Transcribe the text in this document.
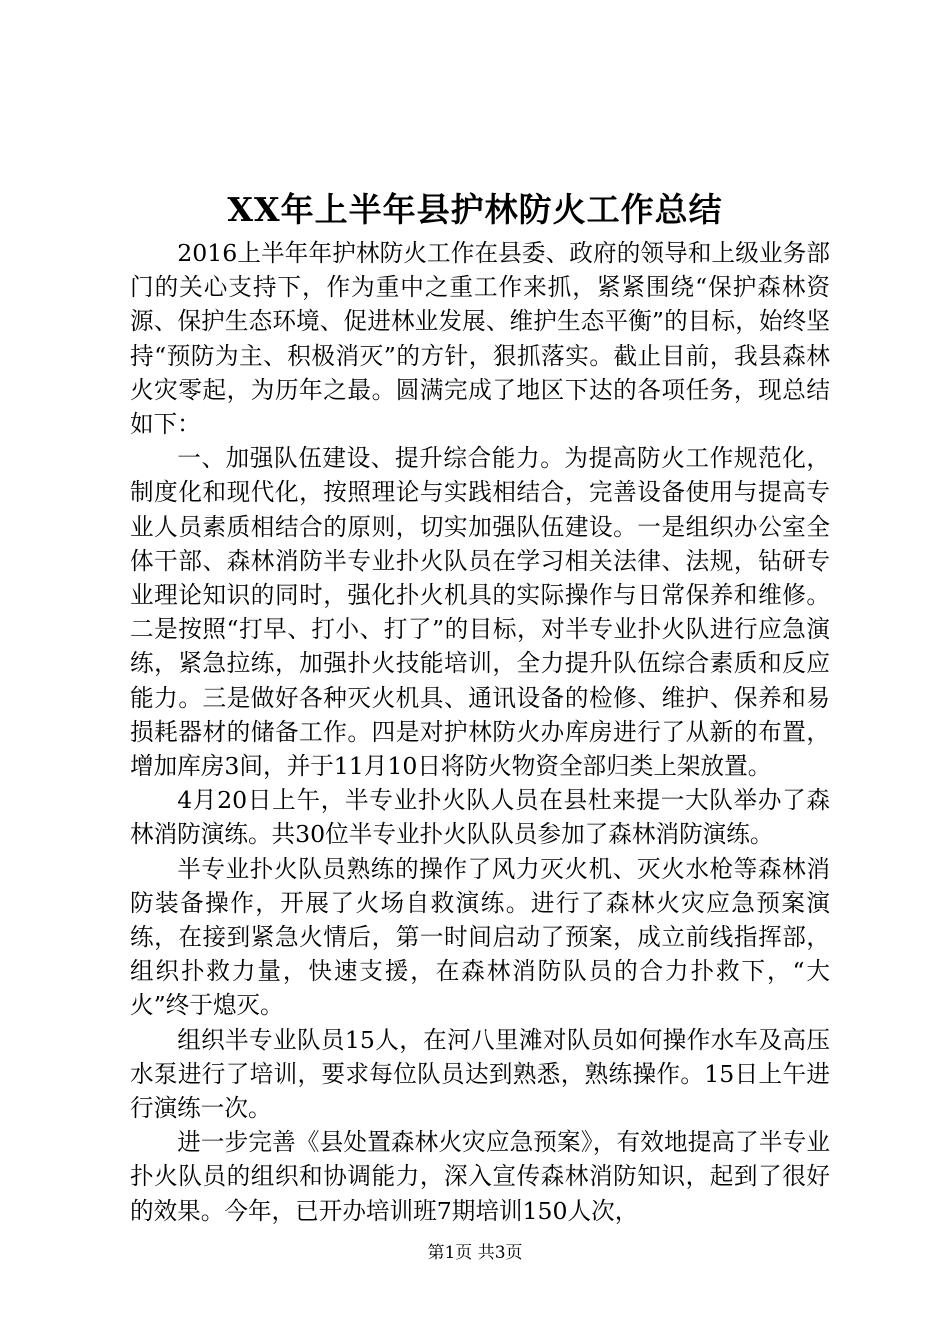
XX年上半年县护林防火工作总结

2016上半年年护林防火工作在县委、政府的领导和上级业务部门的关心支持下，作为重中之重工作来抓，紧紧围绕“保护森林资源、保护生态环境、促进林业发展、维护生态平衡”的目标，始终坚持“预防为主、积极消灭”的方针，狠抓落实。截止目前，我县森林火灾零起，为历年之最。圆满完成了地区下达的各项任务，现总结如下：

一、加强队伍建设、提升综合能力。为提高防火工作规范化，制度化和现代化，按照理论与实践相结合，完善设备使用与提高专业人员素质相结合的原则，切实加强队伍建设。一是组织办公室全体干部、森林消防半专业扑火队员在学习相关法律、法规，钻研专业理论知识的同时，强化扑火机具的实际操作与日常保养和维修。二是按照“打早、打小、打了”的目标，对半专业扑火队进行应急演练，紧急拉练，加强扑火技能培训，全力提升队伍综合素质和反应能力。三是做好各种灭火机具、通讯设备的检修、维护、保养和易损耗器材的储备工作。四是对护林防火办库房进行了从新的布置，增加库房3间，并于11月10日将防火物资全部归类上架放置。

4月20日上午，半专业扑火队人员在县杜来提一大队举办了森林消防演练。共30位半专业扑火队队员参加了森林消防演练。

半专业扑火队员熟练的操作了风力灭火机、灭火水枪等森林消防装备操作，开展了火场自救演练。进行了森林火灾应急预案演练，在接到紧急火情后，第一时间启动了预案，成立前线指挥部，组织扑救力量，快速支援，在森林消防队员的合力扑救下，“大火”终于熄灭。

组织半专业队员15人，在河八里滩对队员如何操作水车及高压水泵进行了培训，要求每位队员达到熟悉，熟练操作。15日上午进行演练一次。

进一步完善《县处置森林火灾应急预案》，有效地提高了半专业扑火队员的组织和协调能力，深入宣传森林消防知识，起到了很好的效果。今年，已开办培训班7期培训150人次，

第1页 共3页
